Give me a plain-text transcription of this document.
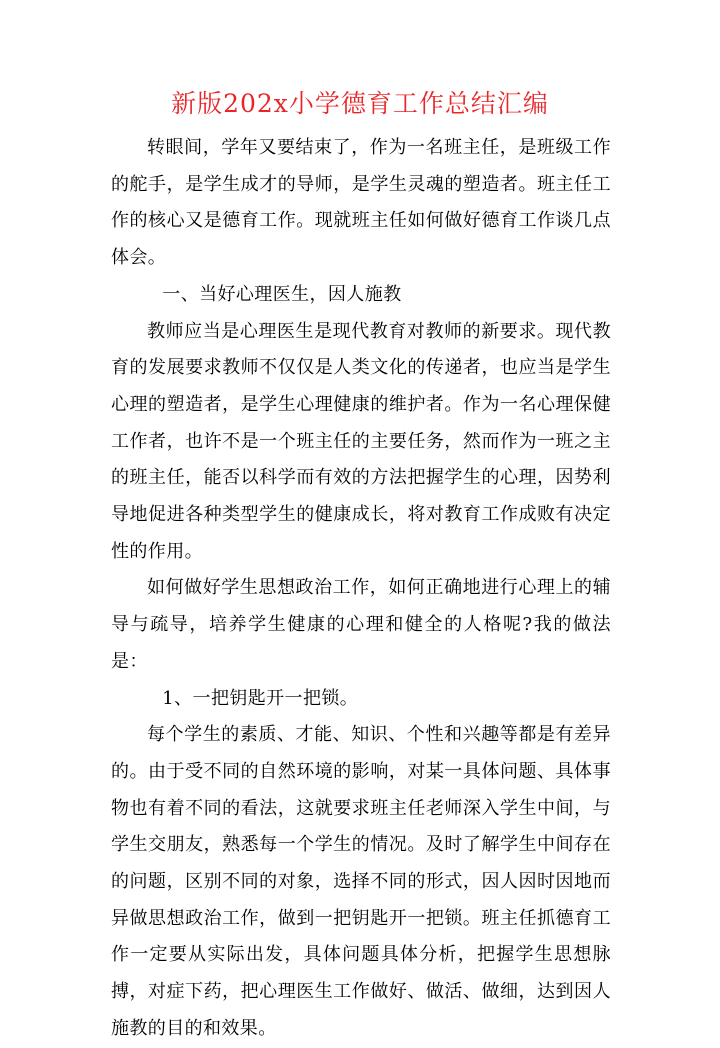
新版202x小学德育工作总结汇编

转眼间，学年又要结束了，作为一名班主任，是班级工作的舵手，是学生成才的导师，是学生灵魂的塑造者。班主任工作的核心又是德育工作。现就班主任如何做好德育工作谈几点体会。

一、当好心理医生，因人施教

教师应当是心理医生是现代教育对教师的新要求。现代教育的发展要求教师不仅仅是人类文化的传递者，也应当是学生心理的塑造者，是学生心理健康的维护者。作为一名心理保健工作者，也许不是一个班主任的主要任务，然而作为一班之主的班主任，能否以科学而有效的方法把握学生的心理，因势利导地促进各种类型学生的健康成长，将对教育工作成败有决定性的作用。

如何做好学生思想政治工作，如何正确地进行心理上的辅导与疏导，培养学生健康的心理和健全的人格呢?我的做法是：

1、一把钥匙开一把锁。

每个学生的素质、才能、知识、个性和兴趣等都是有差异的。由于受不同的自然环境的影响，对某一具体问题、具体事物也有着不同的看法，这就要求班主任老师深入学生中间，与学生交朋友，熟悉每一个学生的情况。及时了解学生中间存在的问题，区别不同的对象，选择不同的形式，因人因时因地而异做思想政治工作，做到一把钥匙开一把锁。班主任抓德育工作一定要从实际出发，具体问题具体分析，把握学生思想脉搏，对症下药，把心理医生工作做好、做活、做细，达到因人施教的目的和效果。
